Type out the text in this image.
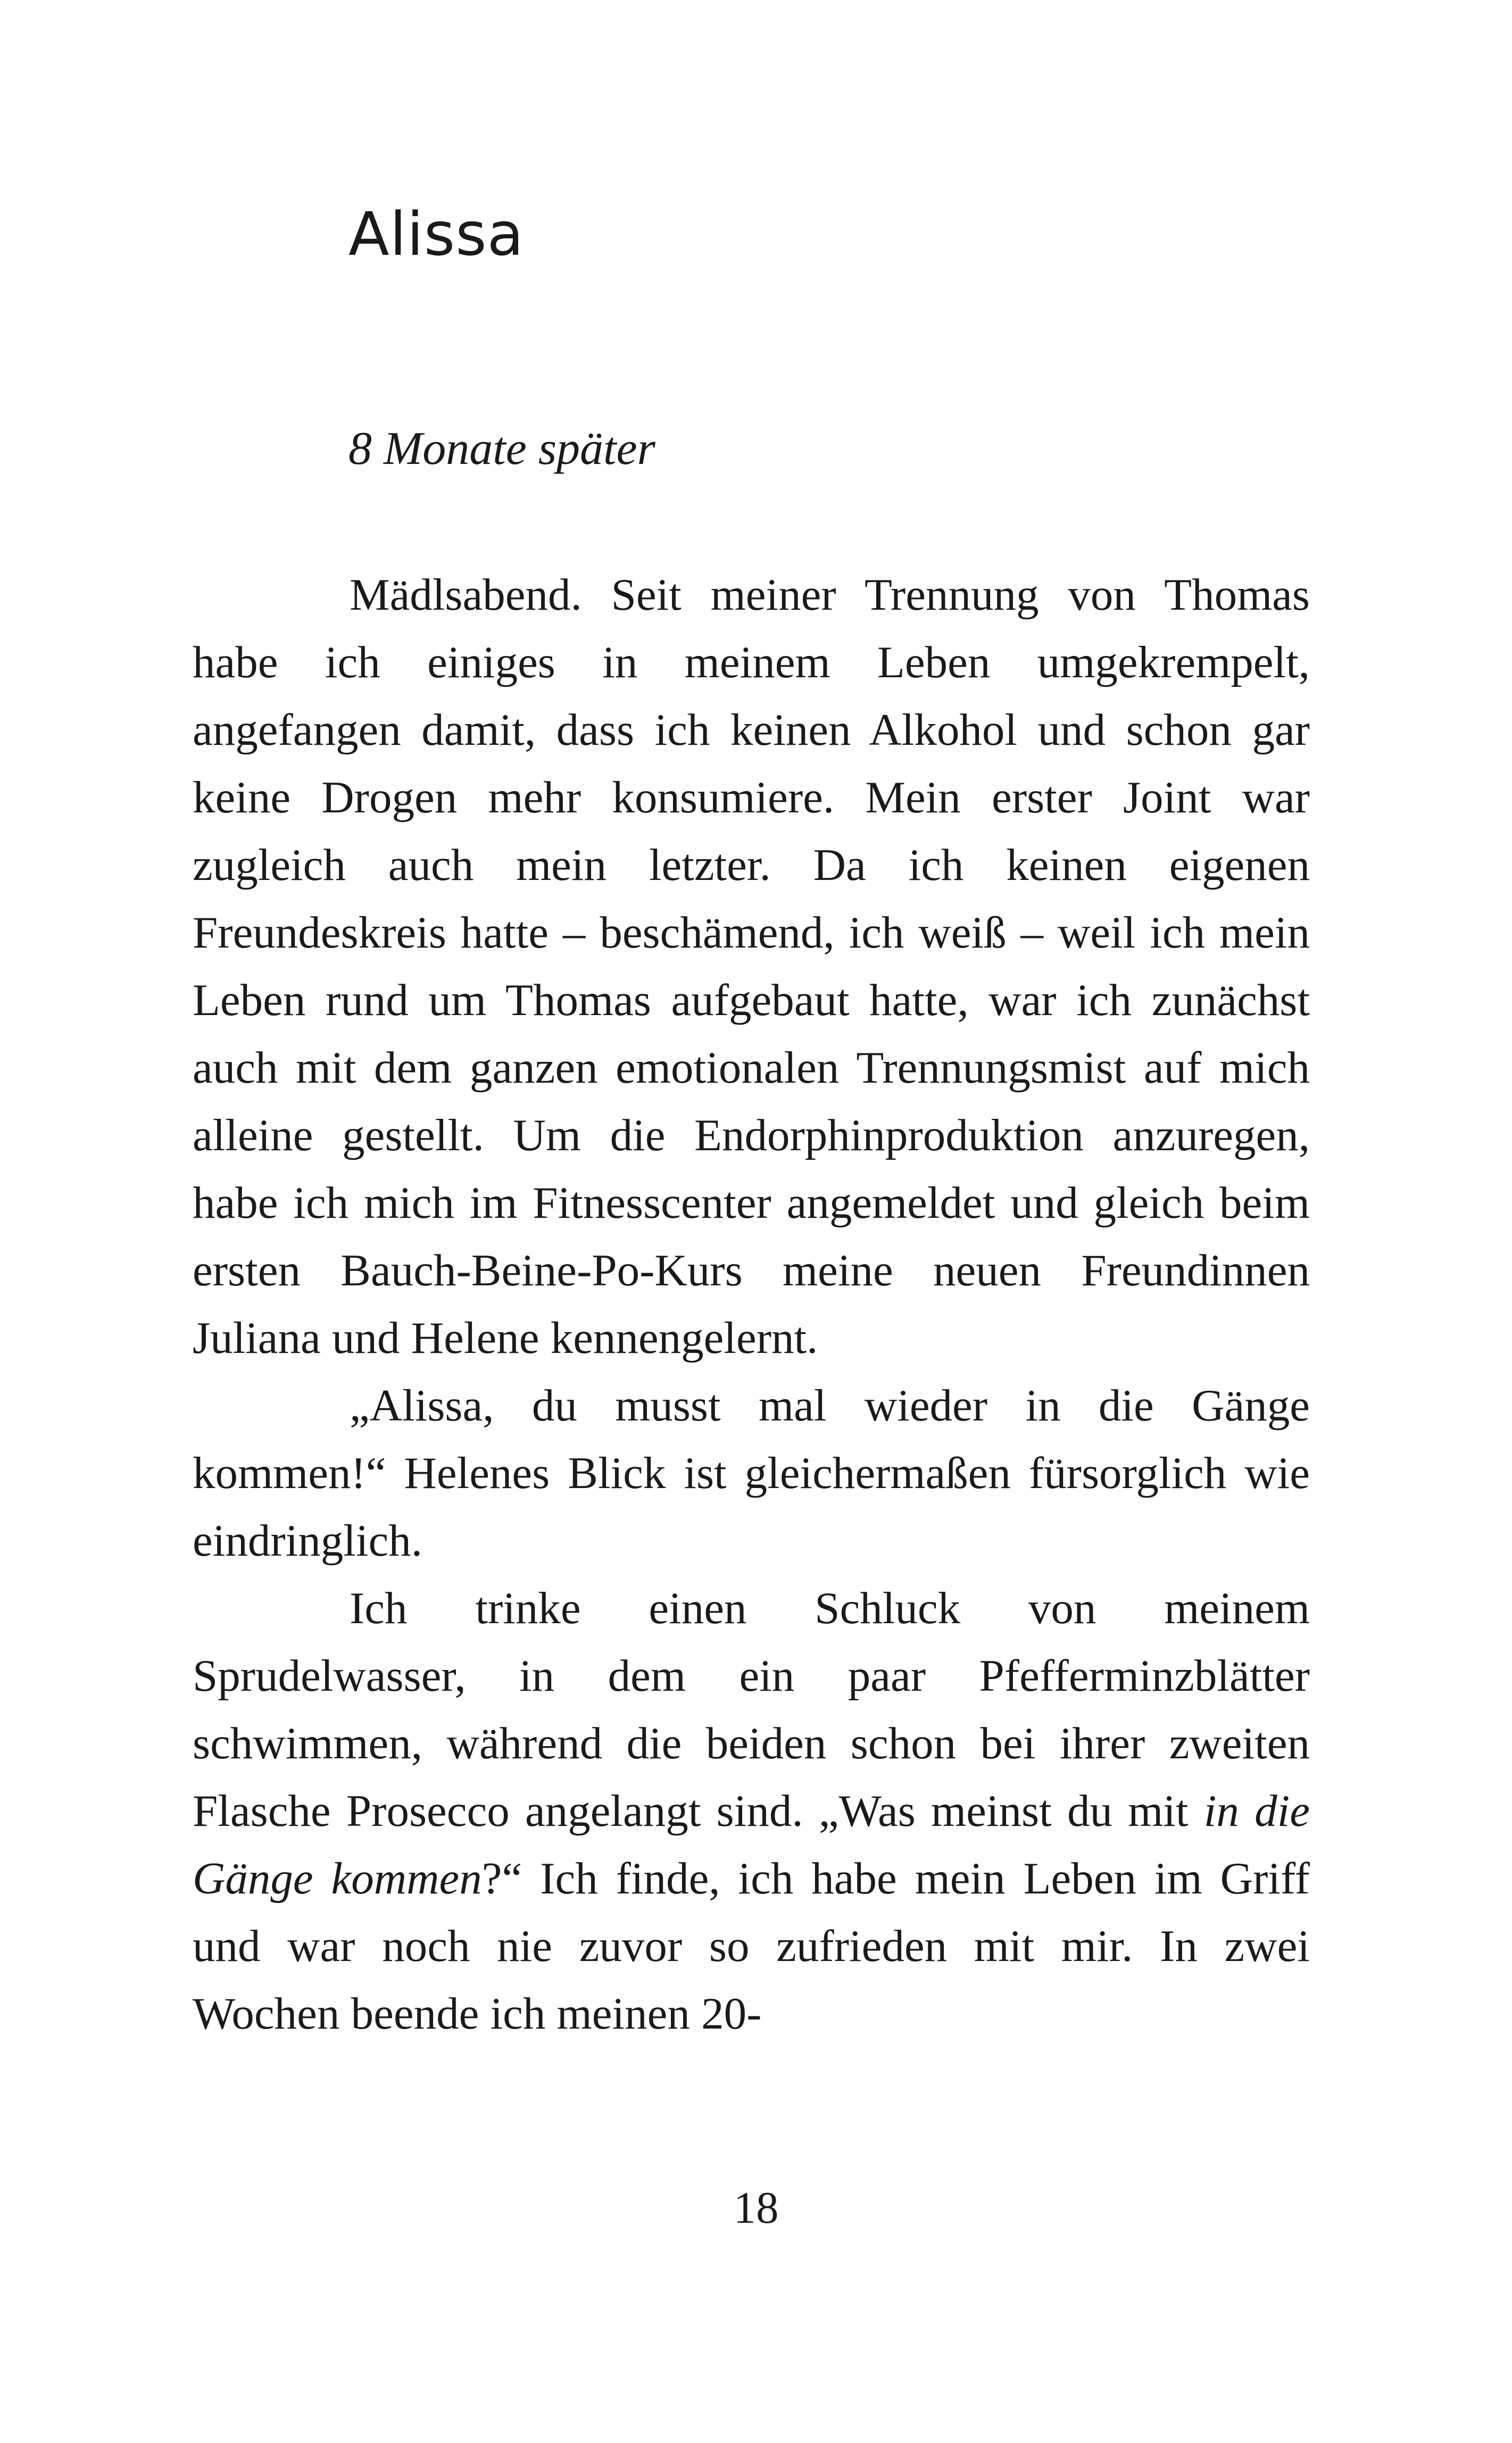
Alissa
8 Monate später

Mädlsabend. Seit meiner Trennung von Thomas habe ich einiges in meinem Leben umgekrempelt, angefangen damit, dass ich keinen Alkohol und schon gar keine Drogen mehr konsumiere. Mein erster Joint war zugleich auch mein letzter. Da ich keinen eigenen Freundeskreis hatte – beschämend, ich weiß – weil ich mein Leben rund um Thomas aufgebaut hatte, war ich zunächst auch mit dem ganzen emotionalen Trennungsmist auf mich alleine gestellt. Um die Endorphinproduktion anzuregen, habe ich mich im Fitnesscenter angemeldet und gleich beim ersten Bauch-Beine-Po-Kurs meine neuen Freundinnen Juliana und Helene kennengelernt.

„Alissa, du musst mal wieder in die Gänge kommen!“ Helenes Blick ist gleichermaßen fürsorglich wie eindringlich.

Ich trinke einen Schluck von meinem Sprudelwasser, in dem ein paar Pfefferminzblätter schwimmen, während die beiden schon bei ihrer zweiten Flasche Prosecco angelangt sind. „Was meinst du mit in die Gänge kommen?“ Ich finde, ich habe mein Leben im Griff und war noch nie zuvor so zufrieden mit mir. In zwei Wochen beende ich meinen 20-

18
